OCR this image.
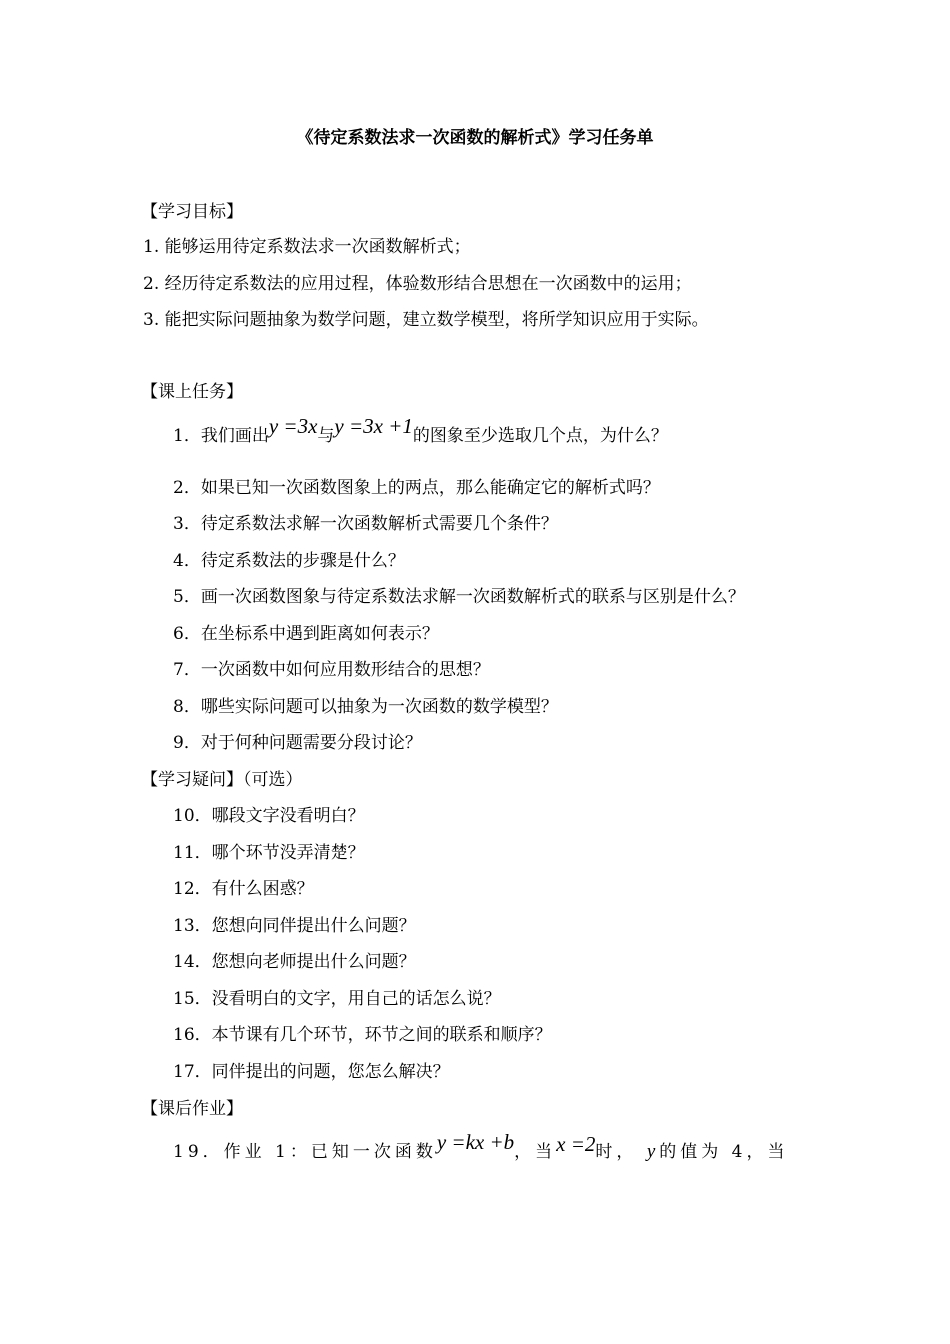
《待定系数法求一次函数的解析式》学习任务单
【学习目标】
1. 能够运用待定系数法求一次函数解析式；
2. 经历待定系数法的应用过程，体验数形结合思想在一次函数中的运用；
3. 能把实际问题抽象为数学问题，建立数学模型，将所学知识应用于实际。
【课上任务】
1．我们画出y =3x与y =3x +1的图象至少选取几个点，为什么？
2．如果已知一次函数图象上的两点，那么能确定它的解析式吗？
3．待定系数法求解一次函数解析式需要几个条件？
4．待定系数法的步骤是什么？
5．画一次函数图象与待定系数法求解一次函数解析式的联系与区别是什么？
6．在坐标系中遇到距离如何表示？
7．一次函数中如何应用数形结合的思想？
8．哪些实际问题可以抽象为一次函数的数学模型？
9．对于何种问题需要分段讨论？
【学习疑问】（可选）
10．哪段文字没看明白？
11．哪个环节没弄清楚？
12．有什么困惑？
13．您想向同伴提出什么问题？
14．您想向老师提出什么问题？
15．没看明白的文字，用自己的话怎么说？
16．本节课有几个环节，环节之间的联系和顺序？
17．同伴提出的问题，您怎么解决？
【课后作业】
19．作业 1：已知一次函数y =kx +b，当x =2时， y的值为 4，当
